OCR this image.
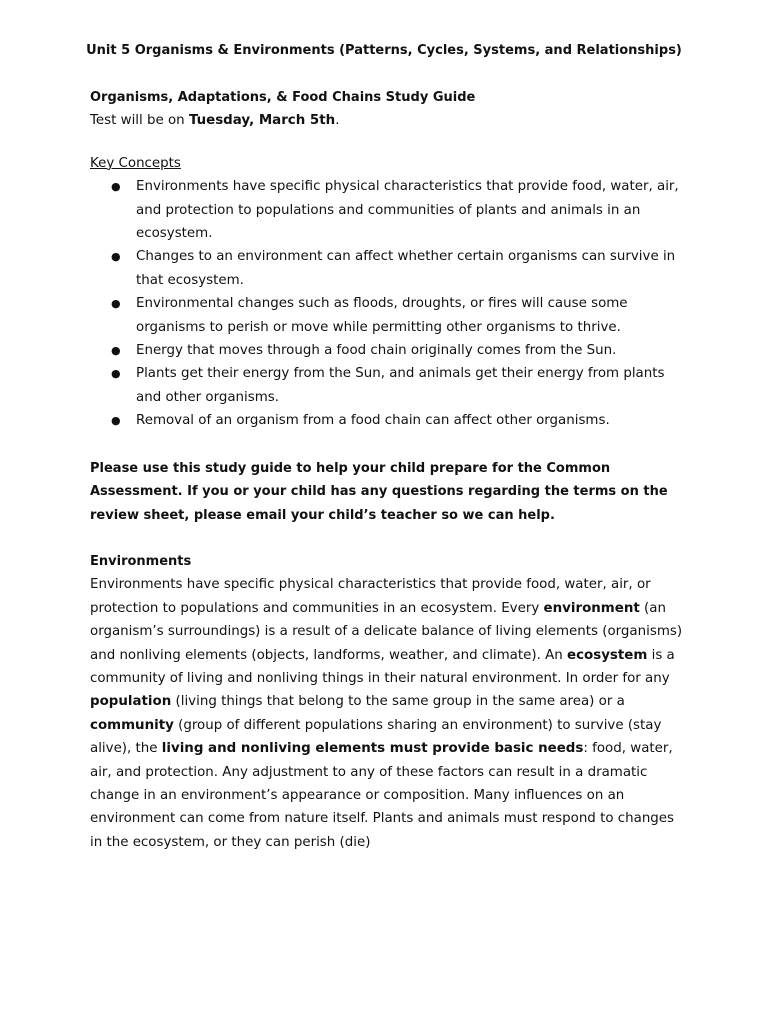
Unit 5 Organisms & Environments (Patterns, Cycles, Systems, and Relationships)
Organisms, Adaptations, & Food Chains Study Guide
Test will be on Tuesday, March 5th.
Key Concepts
● Environments have specific physical characteristics that provide food, water, air, and protection to populations and communities of plants and animals in an ecosystem.
● Changes to an environment can affect whether certain organisms can survive in that ecosystem.
● Environmental changes such as floods, droughts, or fires will cause some organisms to perish or move while permitting other organisms to thrive.
● Energy that moves through a food chain originally comes from the Sun.
● Plants get their energy from the Sun, and animals get their energy from plants and other organisms.
● Removal of an organism from a food chain can affect other organisms.
Please use this study guide to help your child prepare for the Common Assessment. If you or your child has any questions regarding the terms on the review sheet, please email your child’s teacher so we can help.
Environments
Environments have specific physical characteristics that provide food, water, air, or protection to populations and communities in an ecosystem. Every environment (an organism’s surroundings) is a result of a delicate balance of living elements (organisms) and nonliving elements (objects, landforms, weather, and climate). An ecosystem is a community of living and nonliving things in their natural environment. In order for any population (living things that belong to the same group in the same area) or a community (group of different populations sharing an environment) to survive (stay alive), the living and nonliving elements must provide basic needs: food, water, air, and protection. Any adjustment to any of these factors can result in a dramatic change in an environment’s appearance or composition. Many influences on an environment can come from nature itself. Plants and animals must respond to changes in the ecosystem, or they can perish (die)
